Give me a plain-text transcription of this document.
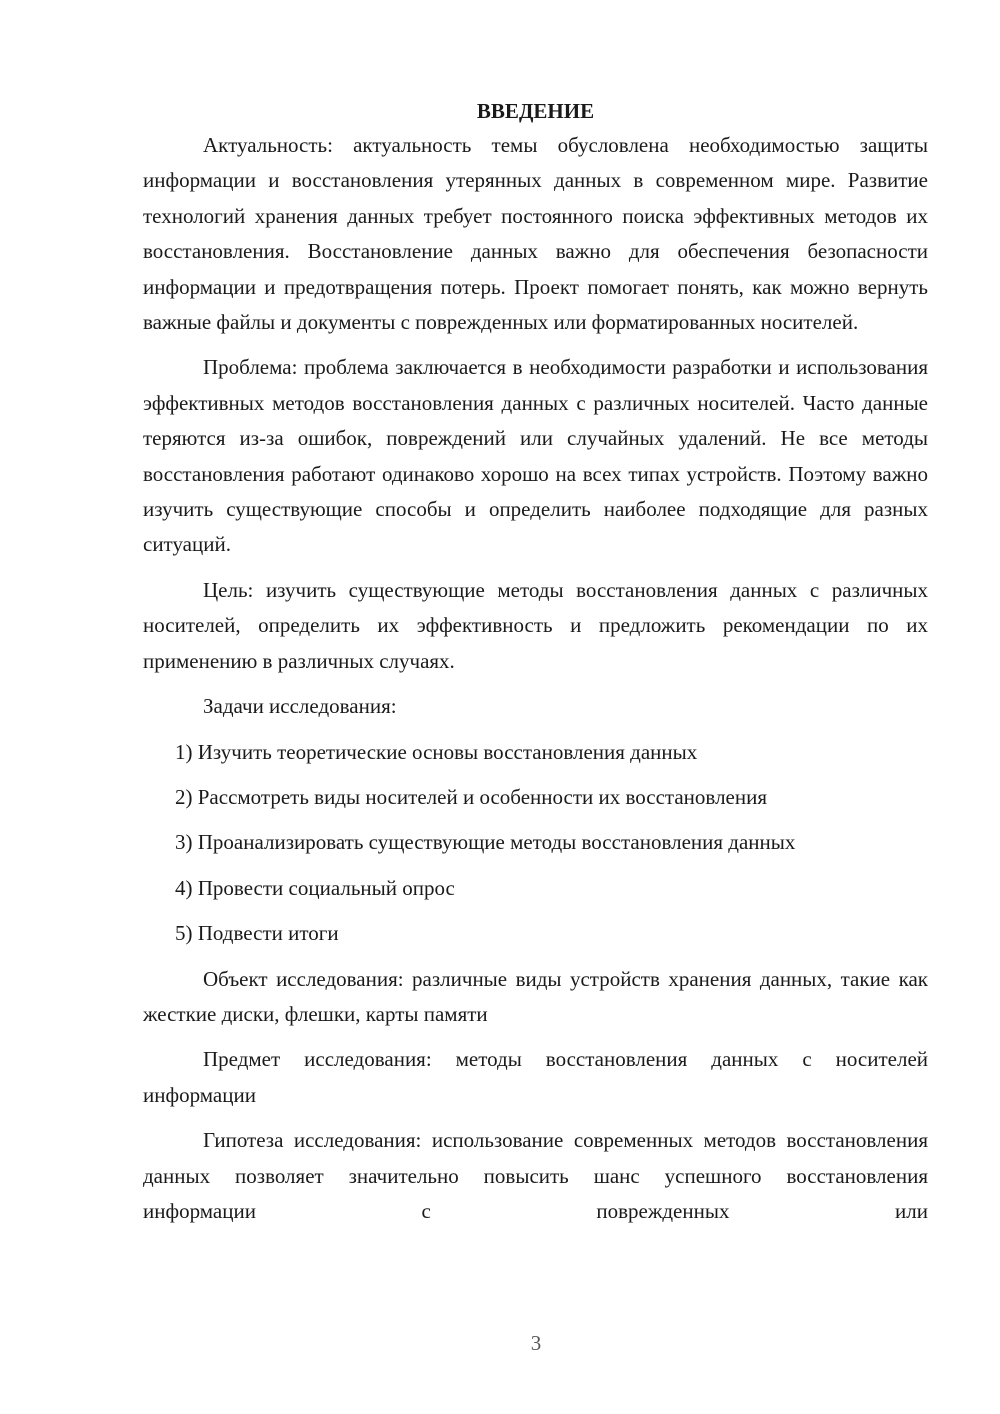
ВВЕДЕНИЕ

Актуальность: актуальность темы обусловлена необходимостью защиты информации и восстановления утерянных данных в современном мире. Развитие технологий хранения данных требует постоянного поиска эффективных методов их восстановления. Восстановление данных важно для обеспечения безопасности информации и предотвращения потерь. Проект помогает понять, как можно вернуть важные файлы и документы с поврежденных или форматированных носителей.

Проблема: проблема заключается в необходимости разработки и использования эффективных методов восстановления данных с различных носителей. Часто данные теряются из-за ошибок, повреждений или случайных удалений. Не все методы восстановления работают одинаково хорошо на всех типах устройств. Поэтому важно изучить существующие способы и определить наиболее подходящие для разных ситуаций.

Цель: изучить существующие методы восстановления данных с различных носителей, определить их эффективность и предложить рекомендации по их применению в различных случаях.

Задачи исследования:

1) Изучить теоретические основы восстановления данных
2) Рассмотреть виды носителей и особенности их восстановления
3) Проанализировать существующие методы восстановления данных
4) Провести социальный опрос
5) Подвести итоги

Объект исследования: различные виды устройств хранения данных, такие как жесткие диски, флешки, карты памяти

Предмет исследования: методы восстановления данных с носителей информации

Гипотеза исследования: использование современных методов восстановления данных позволяет значительно повысить шанс успешного восстановления информации с поврежденных или

3
